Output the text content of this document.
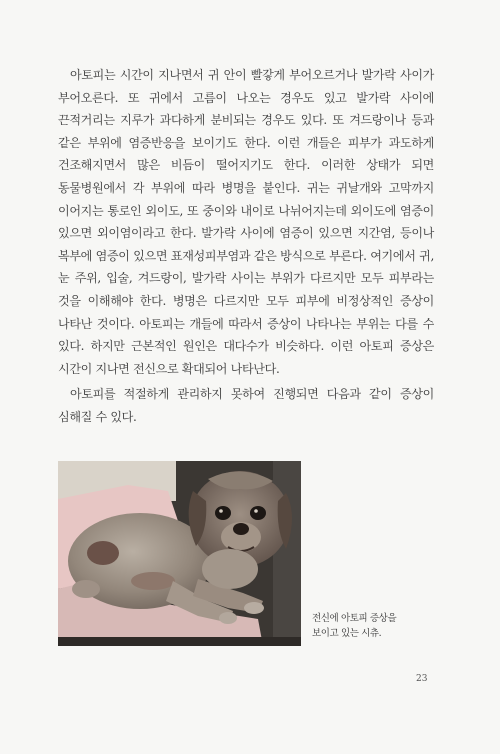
아토피는 시간이 지나면서 귀 안이 빨갛게 부어오르거나 발가락 사이가 부어오른다. 또 귀에서 고름이 나오는 경우도 있고 발가락 사이에 끈적거리는 지루가 과다하게 분비되는 경우도 있다. 또 겨드랑이나 등과 같은 부위에 염증반응을 보이기도 한다. 이런 개들은 피부가 과도하게 건조해지면서 많은 비듬이 떨어지기도 한다. 이러한 상태가 되면 동물병원에서 각 부위에 따라 병명을 붙인다. 귀는 귀날개와 고막까지 이어지는 통로인 외이도, 또 중이와 내이로 나뉘어지는데 외이도에 염증이 있으면 외이염이라고 한다. 발가락 사이에 염증이 있으면 지간염, 등이나 복부에 염증이 있으면 표재성피부염과 같은 방식으로 부른다. 여기에서 귀, 눈 주위, 입술, 겨드랑이, 발가락 사이는 부위가 다르지만 모두 피부라는 것을 이해해야 한다. 병명은 다르지만 모두 피부에 비정상적인 증상이 나타난 것이다. 아토피는 개들에 따라서 증상이 나타나는 부위는 다를 수 있다. 하지만 근본적인 원인은 대다수가 비슷하다. 이런 아토피 증상은 시간이 지나면 전신으로 확대되어 나타난다.

아토피를 적절하게 관리하지 못하여 진행되면 다음과 같이 증상이 심해질 수 있다.

전신에 아토피 증상을
보이고 있는 시츄.
23
